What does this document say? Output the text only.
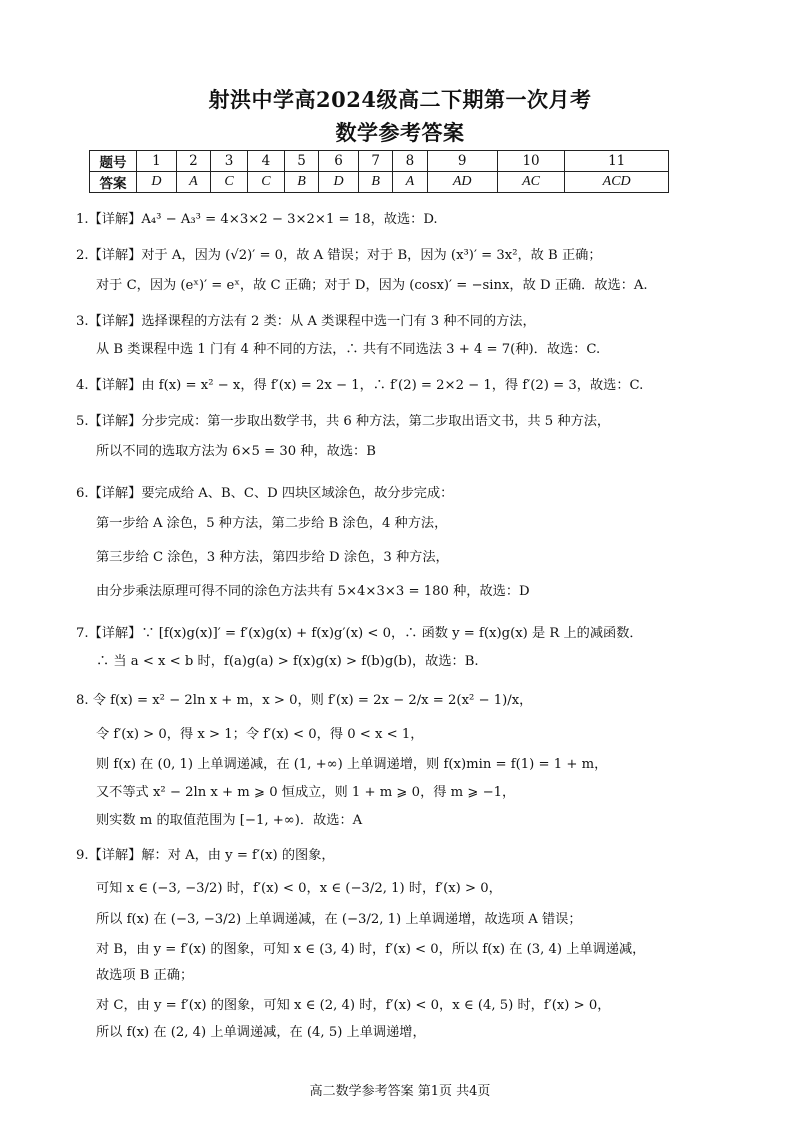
射洪中学高2024级高二下期第一次月考
数学参考答案
题号	1	2	3	4	5	6	7	8	9	10	11
答案	D	A	C	C	B	D	B	A	AD	AC	ACD
1.【详解】A₄³ − A₃³ = 4×3×2 − 3×2×1 = 18，故选：D.
2.【详解】对于 A，因为 (√2)′ = 0，故 A 错误；对于 B，因为 (x³)′ = 3x²，故 B 正确；
对于 C，因为 (eˣ)′ = eˣ，故 C 正确；对于 D，因为 (cosx)′ = −sinx，故 D 正确．故选：A.
3.【详解】选择课程的方法有 2 类：从 A 类课程中选一门有 3 种不同的方法，
从 B 类课程中选 1 门有 4 种不同的方法，∴ 共有不同选法 3 + 4 = 7(种)．故选：C.
4.【详解】由 f(x) = x² − x，得 f′(x) = 2x − 1，∴ f′(2) = 2×2 − 1，得 f′(2) = 3，故选：C.
5.【详解】分步完成：第一步取出数学书，共 6 种方法，第二步取出语文书，共 5 种方法，
所以不同的选取方法为 6×5 = 30 种，故选：B
6.【详解】要完成给 A、B、C、D 四块区域涂色，故分步完成：
第一步给 A 涂色，5 种方法，第二步给 B 涂色，4 种方法，
第三步给 C 涂色，3 种方法，第四步给 D 涂色，3 种方法，
由分步乘法原理可得不同的涂色方法共有 5×4×3×3 = 180 种，故选：D
7.【详解】∵ [f(x)g(x)]′ = f′(x)g(x) + f(x)g′(x) < 0，∴ 函数 y = f(x)g(x) 是 R 上的减函数．
∴ 当 a < x < b 时，f(a)g(a) > f(x)g(x) > f(b)g(b)，故选：B.
8. 令 f(x) = x² − 2ln x + m，x > 0，则 f′(x) = 2x − 2/x = 2(x² − 1)/x，
令 f′(x) > 0，得 x > 1；令 f′(x) < 0，得 0 < x < 1，
则 f(x) 在 (0, 1) 上单调递减，在 (1, +∞) 上单调递增，则 f(x)min = f(1) = 1 + m，
又不等式 x² − 2ln x + m ⩾ 0 恒成立，则 1 + m ⩾ 0，得 m ⩾ −1，
则实数 m 的取值范围为 [−1, +∞)．故选：A
9.【详解】解：对 A，由 y = f′(x) 的图象，
可知 x ∈ (−3, −3/2) 时，f′(x) < 0，x ∈ (−3/2, 1) 时，f′(x) > 0，
所以 f(x) 在 (−3, −3/2) 上单调递减，在 (−3/2, 1) 上单调递增，故选项 A 错误；
对 B，由 y = f′(x) 的图象，可知 x ∈ (3, 4) 时，f′(x) < 0，所以 f(x) 在 (3, 4) 上单调递减，
故选项 B 正确；
对 C，由 y = f′(x) 的图象，可知 x ∈ (2, 4) 时，f′(x) < 0，x ∈ (4, 5) 时，f′(x) > 0，
所以 f(x) 在 (2, 4) 上单调递减，在 (4, 5) 上单调递增，
高二数学参考答案 第1页 共4页
